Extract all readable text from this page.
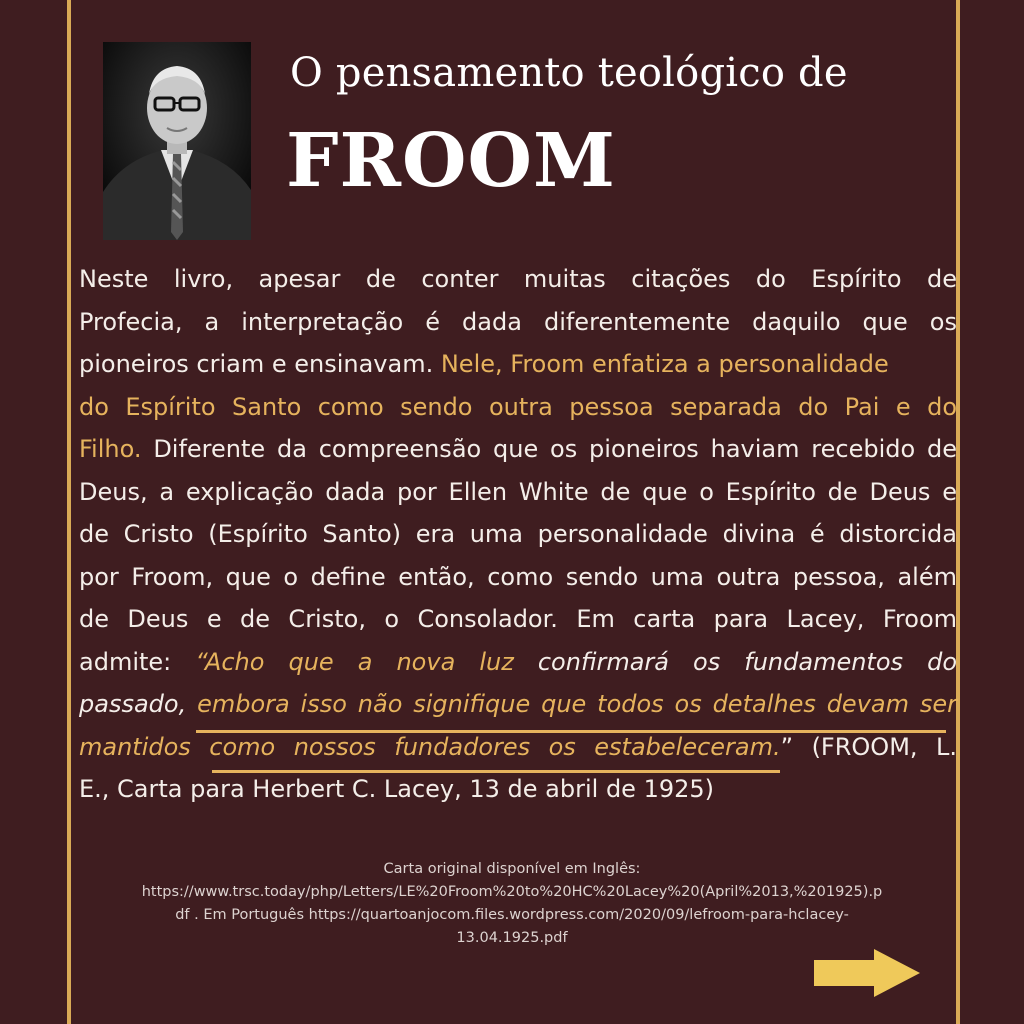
O pensamento teológico de
FROOM
Neste livro, apesar de conter muitas citações do Espírito de
Profecia, a interpretação é dada diferentemente daquilo que os
pioneiros criam e ensinavam. Nele, Froom enfatiza a personalidade
do Espírito Santo como sendo outra pessoa separada do Pai e do
Filho. Diferente da compreensão que os pioneiros haviam recebido de
Deus, a explicação dada por Ellen White de que o Espírito de Deus e
de Cristo (Espírito Santo) era uma personalidade divina é distorcida
por Froom, que o define então, como sendo uma outra pessoa, além
de Deus e de Cristo, o Consolador. Em carta para Lacey, Froom
admite: “Acho que a nova luz confirmará os fundamentos do
passado, embora isso não signifique que todos os detalhes devam ser
mantidos como nossos fundadores os estabeleceram.” (FROOM, L.
E., Carta para Herbert C. Lacey, 13 de abril de 1925)
Carta original disponível em Inglês:
https://www.trsc.today/php/Letters/LE%20Froom%20to%20HC%20Lacey%20(April%2013,%201925).p
df . Em Português https://quartoanjocom.files.wordpress.com/2020/09/lefroom-para-hclacey-
13.04.1925.pdf
